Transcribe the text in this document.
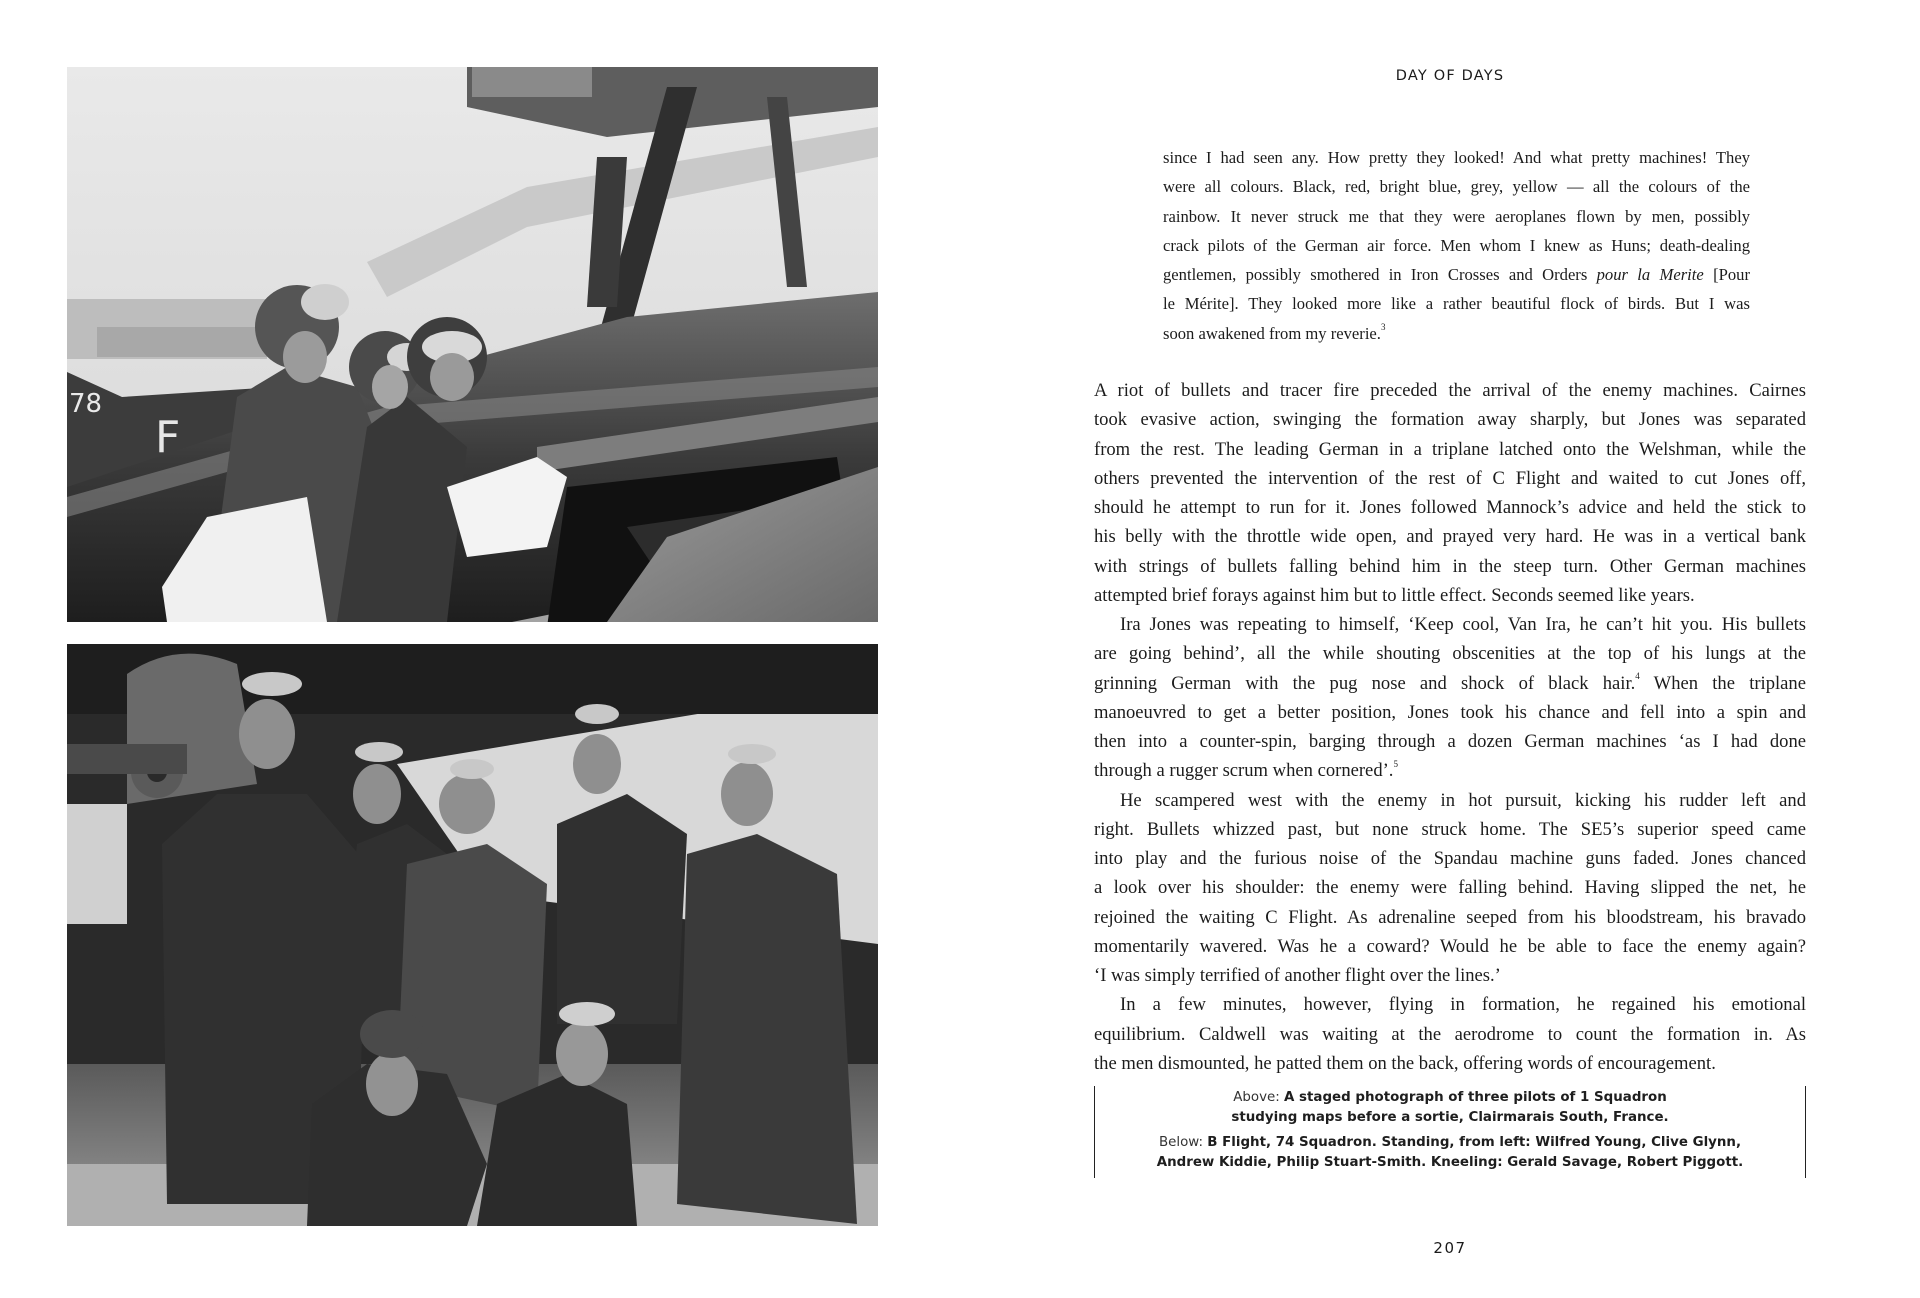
78
F
DAY OF DAYS
since I had seen any. How pretty they looked! And what pretty machines! They
were all colours. Black, red, bright blue, grey, yellow — all the colours of the
rainbow. It never struck me that they were aeroplanes flown by men, possibly
crack pilots of the German air force. Men whom I knew as Huns; death-dealing
gentlemen, possibly smothered in Iron Crosses and Orders pour la Merite [Pour
le Mérite]. They looked more like a rather beautiful flock of birds. But I was
soon awakened from my reverie.$^3$
A riot of bullets and tracer fire preceded the arrival of the enemy machines. Cairnes
took evasive action, swinging the formation away sharply, but Jones was separated
from the rest. The leading German in a triplane latched onto the Welshman, while the
others prevented the intervention of the rest of C Flight and waited to cut Jones off,
should he attempt to run for it. Jones followed Mannock’s advice and held the stick to
his belly with the throttle wide open, and prayed very hard. He was in a vertical bank
with strings of bullets falling behind him in the steep turn. Other German machines
attempted brief forays against him but to little effect. Seconds seemed like years.
Ira Jones was repeating to himself, ‘Keep cool, Van Ira, he can’t hit you. His bullets
are going behind’, all the while shouting obscenities at the top of his lungs at the
grinning German with the pug nose and shock of black hair.$^4$ When the triplane
manoeuvred to get a better position, Jones took his chance and fell into a spin and
then into a counter-spin, barging through a dozen German machines ‘as I had done
through a rugger scrum when cornered’.$^5$
He scampered west with the enemy in hot pursuit, kicking his rudder left and
right. Bullets whizzed past, but none struck home. The SE5’s superior speed came
into play and the furious noise of the Spandau machine guns faded. Jones chanced
a look over his shoulder: the enemy were falling behind. Having slipped the net, he
rejoined the waiting C Flight. As adrenaline seeped from his bloodstream, his bravado
momentarily wavered. Was he a coward? Would he be able to face the enemy again?
‘I was simply terrified of another flight over the lines.’
In a few minutes, however, flying in formation, he regained his emotional
equilibrium. Caldwell was waiting at the aerodrome to count the formation in. As
the men dismounted, he patted them on the back, offering words of encouragement.
Above: A staged photograph of three pilots of 1 Squadron
studying maps before a sortie, Clairmarais South, France.
Below: B Flight, 74 Squadron. Standing, from left: Wilfred Young, Clive Glynn,
Andrew Kiddie, Philip Stuart-Smith. Kneeling: Gerald Savage, Robert Piggott.
207
